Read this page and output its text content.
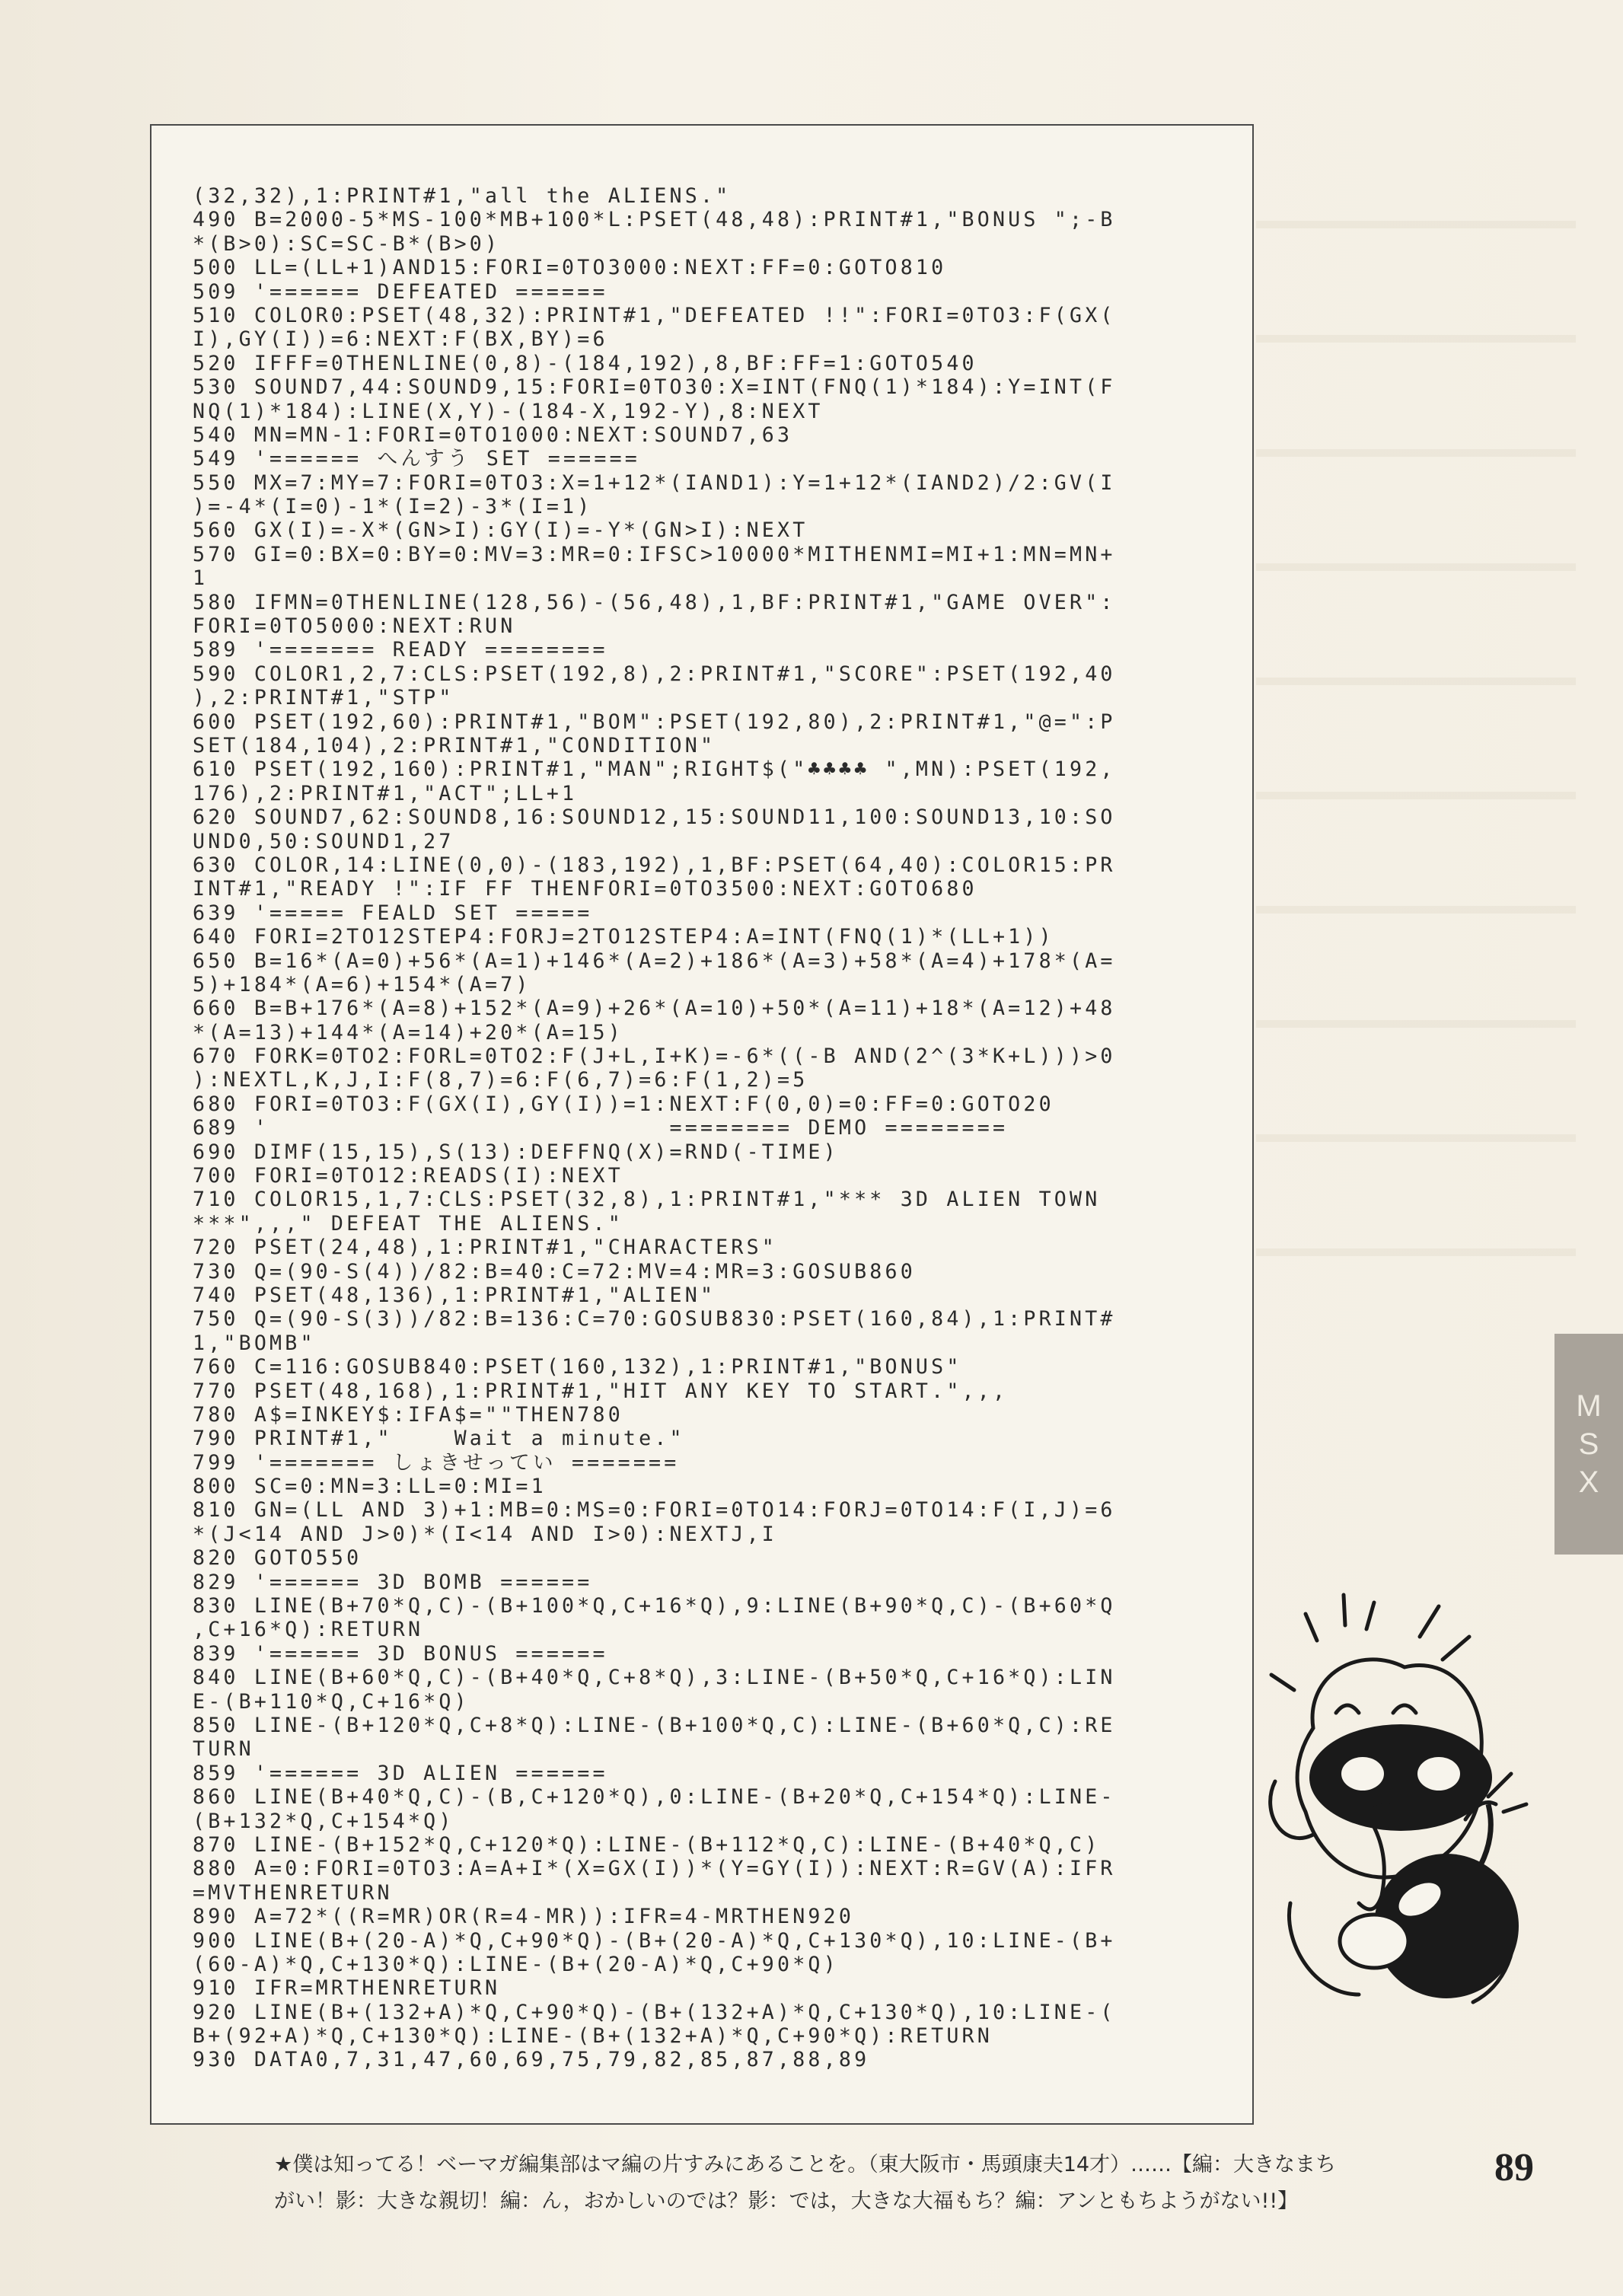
(32,32),1:PRINT#1,"all the ALIENS."
490 B=2000-5*MS-100*MB+100*L:PSET(48,48):PRINT#1,"BONUS ";-B
*(B>0):SC=SC-B*(B>0)
500 LL=(LL+1)AND15:FORI=0TO3000:NEXT:FF=0:GOTO810
509 '====== DEFEATED ======
510 COLOR0:PSET(48,32):PRINT#1,"DEFEATED !!":FORI=0TO3:F(GX(
I),GY(I))=6:NEXT:F(BX,BY)=6
520 IFFF=0THENLINE(0,8)-(184,192),8,BF:FF=1:GOTO540
530 SOUND7,44:SOUND9,15:FORI=0TO30:X=INT(FNQ(1)*184):Y=INT(F
NQ(1)*184):LINE(X,Y)-(184-X,192-Y),8:NEXT
540 MN=MN-1:FORI=0TO1000:NEXT:SOUND7,63
549 '====== へんすう SET ======
550 MX=7:MY=7:FORI=0TO3:X=1+12*(IAND1):Y=1+12*(IAND2)/2:GV(I
)=-4*(I=0)-1*(I=2)-3*(I=1)
560 GX(I)=-X*(GN>I):GY(I)=-Y*(GN>I):NEXT
570 GI=0:BX=0:BY=0:MV=3:MR=0:IFSC>10000*MITHENMI=MI+1:MN=MN+
1
580 IFMN=0THENLINE(128,56)-(56,48),1,BF:PRINT#1,"GAME OVER":
FORI=0TO5000:NEXT:RUN
589 '======= READY ========
590 COLOR1,2,7:CLS:PSET(192,8),2:PRINT#1,"SCORE":PSET(192,40
),2:PRINT#1,"STP"
600 PSET(192,60):PRINT#1,"BOM":PSET(192,80),2:PRINT#1,"@=":P
SET(184,104),2:PRINT#1,"CONDITION"
610 PSET(192,160):PRINT#1,"MAN";RIGHT$("♣♣♣♣ ",MN):PSET(192,
176),2:PRINT#1,"ACT";LL+1
620 SOUND7,62:SOUND8,16:SOUND12,15:SOUND11,100:SOUND13,10:SO
UND0,50:SOUND1,27
630 COLOR,14:LINE(0,0)-(183,192),1,BF:PSET(64,40):COLOR15:PR
INT#1,"READY !":IF FF THENFORI=0TO3500:NEXT:GOTO680
639 '===== FEALD SET =====
640 FORI=2TO12STEP4:FORJ=2TO12STEP4:A=INT(FNQ(1)*(LL+1))
650 B=16*(A=0)+56*(A=1)+146*(A=2)+186*(A=3)+58*(A=4)+178*(A=
5)+184*(A=6)+154*(A=7)
660 B=B+176*(A=8)+152*(A=9)+26*(A=10)+50*(A=11)+18*(A=12)+48
*(A=13)+144*(A=14)+20*(A=15)
670 FORK=0TO2:FORL=0TO2:F(J+L,I+K)=-6*((-B AND(2^(3*K+L)))>0
):NEXTL,K,J,I:F(8,7)=6:F(6,7)=6:F(1,2)=5
680 FORI=0TO3:F(GX(I),GY(I))=1:NEXT:F(0,0)=0:FF=0:GOTO20
689 '                          ======== DEMO ========
690 DIMF(15,15),S(13):DEFFNQ(X)=RND(-TIME)
700 FORI=0TO12:READS(I):NEXT
710 COLOR15,1,7:CLS:PSET(32,8),1:PRINT#1,"*** 3D ALIEN TOWN
***",,," DEFEAT THE ALIENS."
720 PSET(24,48),1:PRINT#1,"CHARACTERS"
730 Q=(90-S(4))/82:B=40:C=72:MV=4:MR=3:GOSUB860
740 PSET(48,136),1:PRINT#1,"ALIEN"
750 Q=(90-S(3))/82:B=136:C=70:GOSUB830:PSET(160,84),1:PRINT#
1,"BOMB"
760 C=116:GOSUB840:PSET(160,132),1:PRINT#1,"BONUS"
770 PSET(48,168),1:PRINT#1,"HIT ANY KEY TO START.",,,
780 A$=INKEY$:IFA$=""THEN780
790 PRINT#1,"    Wait a minute."
799 '======= しょきせってい =======
800 SC=0:MN=3:LL=0:MI=1
810 GN=(LL AND 3)+1:MB=0:MS=0:FORI=0TO14:FORJ=0TO14:F(I,J)=6
*(J<14 AND J>0)*(I<14 AND I>0):NEXTJ,I
820 GOTO550
829 '====== 3D BOMB ======
830 LINE(B+70*Q,C)-(B+100*Q,C+16*Q),9:LINE(B+90*Q,C)-(B+60*Q
,C+16*Q):RETURN
839 '====== 3D BONUS ======
840 LINE(B+60*Q,C)-(B+40*Q,C+8*Q),3:LINE-(B+50*Q,C+16*Q):LIN
E-(B+110*Q,C+16*Q)
850 LINE-(B+120*Q,C+8*Q):LINE-(B+100*Q,C):LINE-(B+60*Q,C):RE
TURN
859 '====== 3D ALIEN ======
860 LINE(B+40*Q,C)-(B,C+120*Q),0:LINE-(B+20*Q,C+154*Q):LINE-
(B+132*Q,C+154*Q)
870 LINE-(B+152*Q,C+120*Q):LINE-(B+112*Q,C):LINE-(B+40*Q,C)
880 A=0:FORI=0TO3:A=A+I*(X=GX(I))*(Y=GY(I)):NEXT:R=GV(A):IFR
=MVTHENRETURN
890 A=72*((R=MR)OR(R=4-MR)):IFR=4-MRTHEN920
900 LINE(B+(20-A)*Q,C+90*Q)-(B+(20-A)*Q,C+130*Q),10:LINE-(B+
(60-A)*Q,C+130*Q):LINE-(B+(20-A)*Q,C+90*Q)
910 IFR=MRTHENRETURN
920 LINE(B+(132+A)*Q,C+90*Q)-(B+(132+A)*Q,C+130*Q),10:LINE-(
B+(92+A)*Q,C+130*Q):LINE-(B+(132+A)*Q,C+90*Q):RETURN
930 DATA0,7,31,47,60,69,75,79,82,85,87,88,89
M
S
X
★僕は知ってる！ベーマガ編集部はマ編の片すみにあることを。（東大阪市・馬頭康夫14才）……【編：大きなまち
がい！影：大きな親切！編：ん，おかしいのでは？影：では，大きな大福もち？編：アンともちようがない!!】
89
